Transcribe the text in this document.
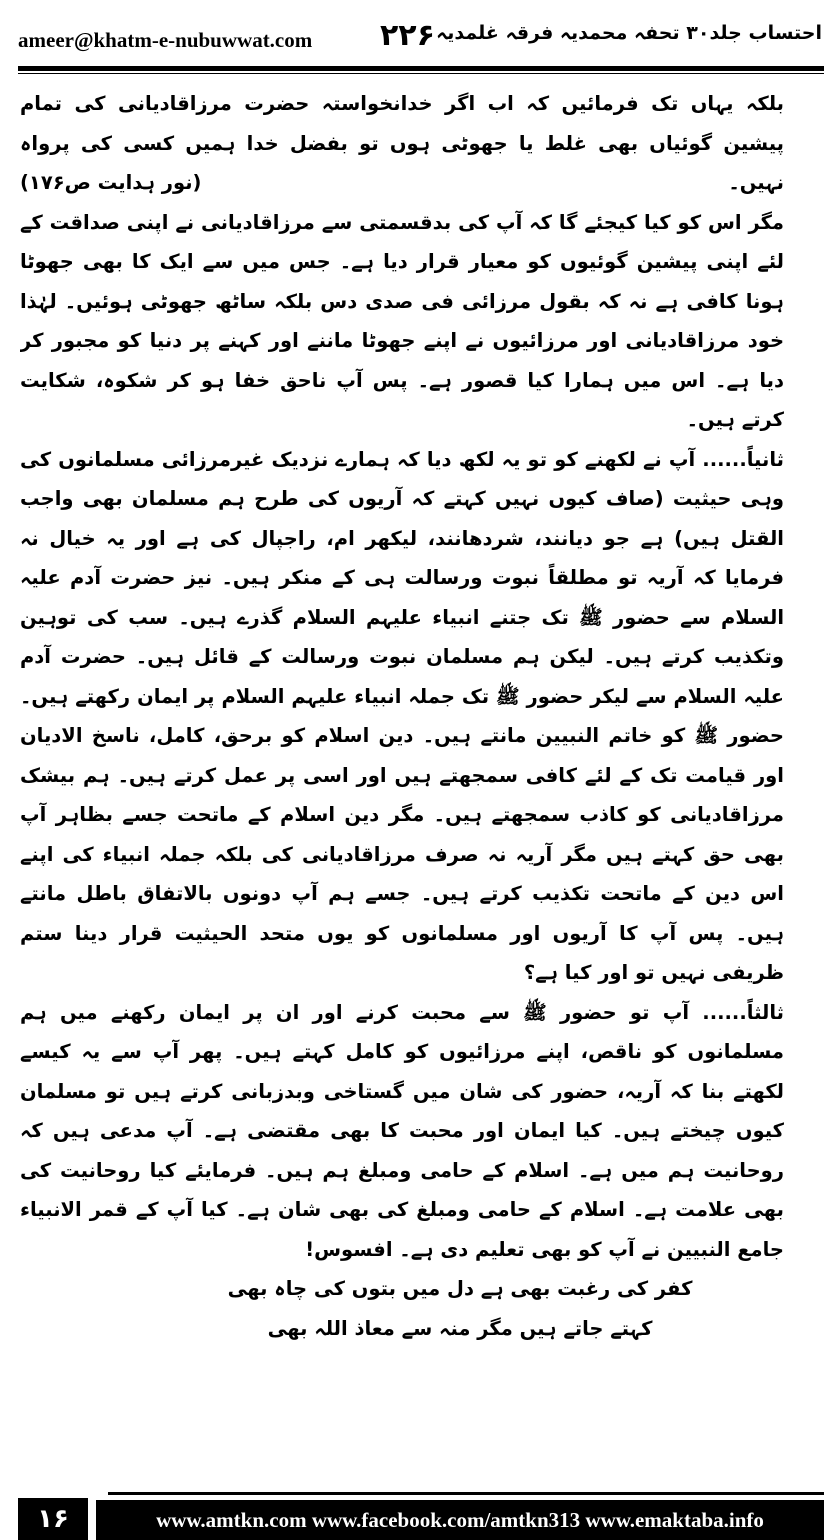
ameer@khatm-e-nubuwwat.com ۲۲۶ احتساب جلد۳۰ تحفہ محمدیہ فرقہ غلمدیہ

بلکہ یہاں تک فرمائیں کہ اب اگر خدانخواستہ حضرت مرزاقادیانی کی تمام پیشین گوئیاں بھی غلط یا جھوٹی ہوں تو بفضل خدا ہمیں کسی کی پرواہ نہیں۔
(نور ہدایت ص۱۷۶)

مگر اس کو کیا کیجئے گا کہ آپ کی بدقسمتی سے مرزاقادیانی نے اپنی صداقت کے لئے اپنی پیشین گوئیوں کو معیار قرار دیا ہے۔ جس میں سے ایک کا بھی جھوٹا ہونا کافی ہے نہ کہ بقول مرزائی فی صدی دس بلکہ ساٹھ جھوٹی ہوئیں۔ لہٰذا خود مرزاقادیانی اور مرزائیوں نے اپنے جھوٹا ماننے اور کہنے پر دنیا کو مجبور کر دیا ہے۔ اس میں ہمارا کیا قصور ہے۔ پس آپ ناحق خفا ہو کر شکوہ، شکایت کرتے ہیں۔

ثانیاً...... آپ نے لکھنے کو تو یہ لکھ دیا کہ ہمارے نزدیک غیرمرزائی مسلمانوں کی وہی حیثیت (صاف کیوں نہیں کہتے کہ آریوں کی طرح ہم مسلمان بھی واجب القتل ہیں) ہے جو دیانند، شردھانند، لیکھر ام، راجپال کی ہے اور یہ خیال نہ فرمایا کہ آریہ تو مطلقاً نبوت ورسالت ہی کے منکر ہیں۔ نیز حضرت آدم علیہ السلام سے حضور ﷺ تک جتنے انبیاء علیہم السلام گذرے ہیں۔ سب کی توہین وتکذیب کرتے ہیں۔ لیکن ہم مسلمان نبوت ورسالت کے قائل ہیں۔ حضرت آدم علیہ السلام سے لیکر حضور ﷺ تک جملہ انبیاء علیہم السلام پر ایمان رکھتے ہیں۔ حضور ﷺ کو خاتم النبیین مانتے ہیں۔ دین اسلام کو برحق، کامل، ناسخ الادیان اور قیامت تک کے لئے کافی سمجھتے ہیں اور اسی پر عمل کرتے ہیں۔ ہم بیشک مرزاقادیانی کو کاذب سمجھتے ہیں۔ مگر دین اسلام کے ماتحت جسے بظاہر آپ بھی حق کہتے ہیں مگر آریہ نہ صرف مرزاقادیانی کی بلکہ جملہ انبیاء کی اپنے اس دین کے ماتحت تکذیب کرتے ہیں۔ جسے ہم آپ دونوں بالاتفاق باطل مانتے ہیں۔ پس آپ کا آریوں اور مسلمانوں کو یوں متحد الحیثیت قرار دینا ستم ظریفی نہیں تو اور کیا ہے؟

ثالثاً...... آپ تو حضور ﷺ سے محبت کرنے اور ان پر ایمان رکھنے میں ہم مسلمانوں کو ناقص، اپنے مرزائیوں کو کامل کہتے ہیں۔ پھر آپ سے یہ کیسے لکھتے بنا کہ آریہ، حضور کی شان میں گستاخی وبدزبانی کرتے ہیں تو مسلمان کیوں چیختے ہیں۔ کیا ایمان اور محبت کا بھی مقتضی ہے۔ آپ مدعی ہیں کہ روحانیت ہم میں ہے۔ اسلام کے حامی ومبلغ ہم ہیں۔ فرمایئے کیا روحانیت کی بھی علامت ہے۔ اسلام کے حامی ومبلغ کی بھی شان ہے۔ کیا آپ کے قمر الانبیاء جامع النبیین نے آپ کو بھی تعلیم دی ہے۔ افسوس!

کفر کی رغبت بھی ہے دل میں بتوں کی چاہ بھی

کہتے جاتے ہیں مگر منہ سے معاذ اللہ بھی

۱۶	www.amtkn.com www.facebook.com/amtkn313 www.emaktaba.info
